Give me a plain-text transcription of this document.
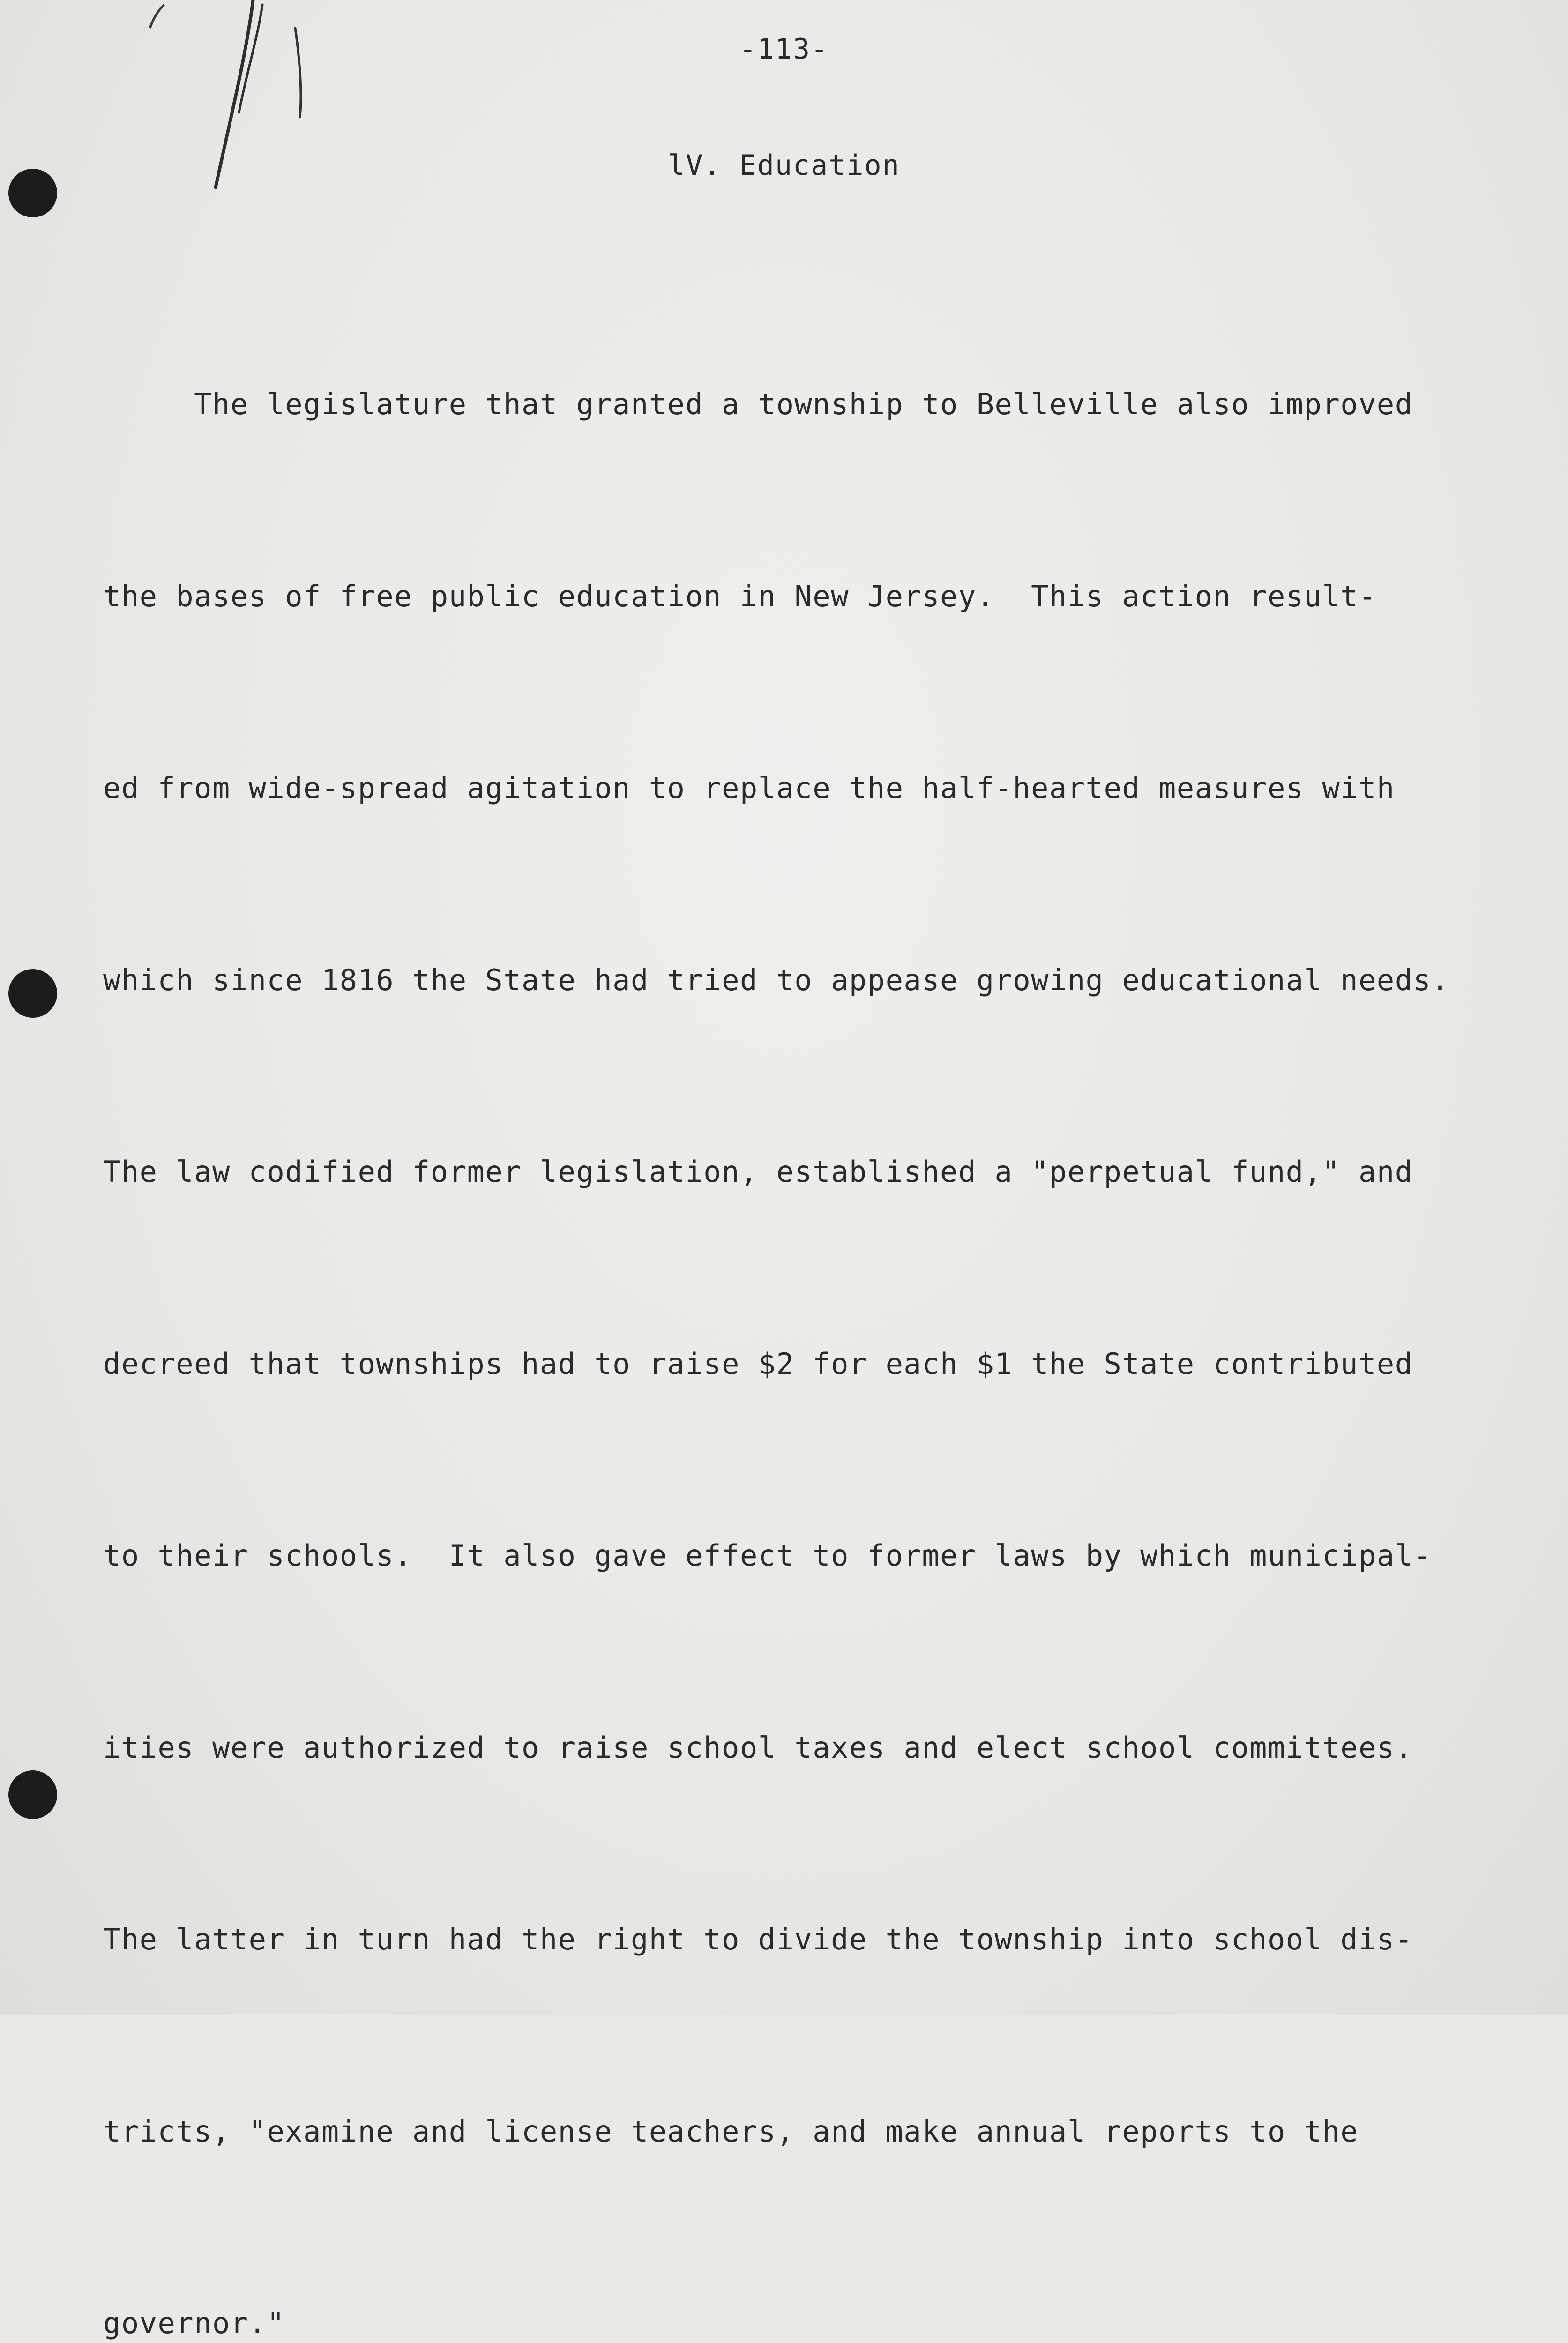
-113-

lV. Education

The legislature that granted a township to Belleville also improved

the bases of free public education in New Jersey.  This action result-

ed from wide-spread agitation to replace the half-hearted measures with

which since 1816 the State had tried to appease growing educational needs.

The law codified former legislation, established a "perpetual fund," and

decreed that townships had to raise $2 for each $1 the State contributed

to their schools.  It also gave effect to former laws by which municipal-

ities were authorized to raise school taxes and elect school committees.

The latter in turn had the right to divide the township into school dis-

tricts, "examine and license teachers, and make annual reports to the

governor."
